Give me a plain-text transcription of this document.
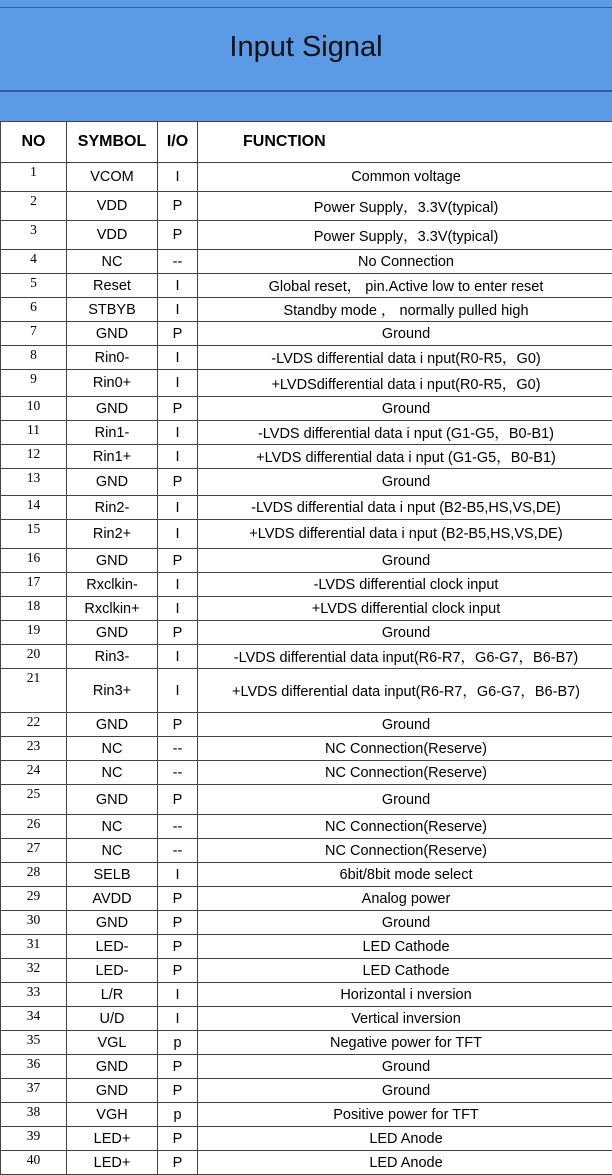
Input Signal
NO	SYMBOL	I/O	FUNCTION
1	VCOM	I	Common voltage
2	VDD	P	Power Supply，3.3V(typical)
3	VDD	P	Power Supply，3.3V(typical)
4	NC	--	No Connection
5	Reset	I	Global reset， pin.Active low to enter reset
6	STBYB	I	Standby mode ， normally pulled high
7	GND	P	Ground
8	Rin0-	I	-LVDS differential data i nput(R0-R5，G0)
9	Rin0+	I	+LVDSdifferential data i nput(R0-R5，G0)
10	GND	P	Ground
11	Rin1-	I	-LVDS differential data i nput (G1-G5，B0-B1)
12	Rin1+	I	+LVDS differential data i nput (G1-G5，B0-B1)
13	GND	P	Ground
14	Rin2-	I	-LVDS differential data i nput (B2-B5,HS,VS,DE)
15	Rin2+	I	+LVDS differential data i nput (B2-B5,HS,VS,DE)
16	GND	P	Ground
17	Rxclkin-	I	-LVDS differential clock input
18	Rxclkin+	I	+LVDS differential clock input
19	GND	P	Ground
20	Rin3-	I	-LVDS differential data input(R6-R7，G6-G7，B6-B7)
21	Rin3+	I	+LVDS differential data input(R6-R7，G6-G7，B6-B7)
22	GND	P	Ground
23	NC	--	NC Connection(Reserve)
24	NC	--	NC Connection(Reserve)
25	GND	P	Ground
26	NC	--	NC Connection(Reserve)
27	NC	--	NC Connection(Reserve)
28	SELB	I	6bit/8bit mode select
29	AVDD	P	Analog power
30	GND	P	Ground
31	LED-	P	LED Cathode
32	LED-	P	LED Cathode
33	L/R	I	Horizontal i nversion
34	U/D	I	Vertical inversion
35	VGL	p	Negative power for TFT
36	GND	P	Ground
37	GND	P	Ground
38	VGH	p	Positive power for TFT
39	LED+	P	LED Anode
40	LED+	P	LED Anode
